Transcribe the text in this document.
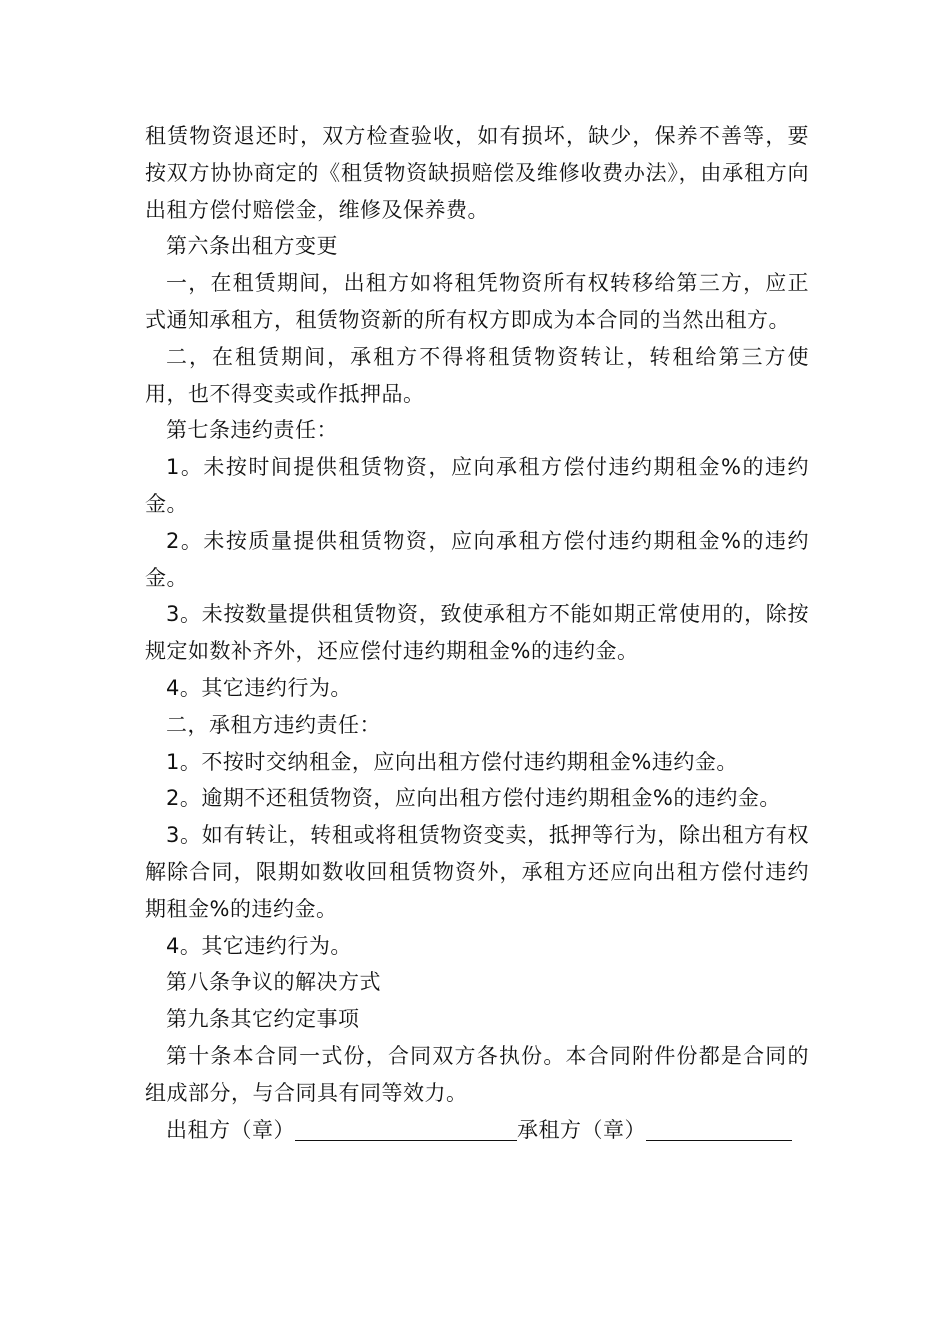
租赁物资退还时，双方检查验收，如有损坏，缺少，保养不善等，要按双方协协商定的《租赁物资缺损赔偿及维修收费办法》，由承租方向出租方偿付赔偿金，维修及保养费。

第六条出租方变更

一，在租赁期间，出租方如将租凭物资所有权转移给第三方，应正式通知承租方，租赁物资新的所有权方即成为本合同的当然出租方。

二，在租赁期间，承租方不得将租赁物资转让，转租给第三方使用，也不得变卖或作抵押品。

第七条违约责任：

1。未按时间提供租赁物资，应向承租方偿付违约期租金%的违约金。

2。未按质量提供租赁物资，应向承租方偿付违约期租金%的违约金。

3。未按数量提供租赁物资，致使承租方不能如期正常使用的，除按规定如数补齐外，还应偿付违约期租金%的违约金。

4。其它违约行为。

二，承租方违约责任：

1。不按时交纳租金，应向出租方偿付违约期租金%违约金。

2。逾期不还租赁物资，应向出租方偿付违约期租金%的违约金。

3。如有转让，转租或将租赁物资变卖，抵押等行为，除出租方有权解除合同，限期如数收回租赁物资外，承租方还应向出租方偿付违约期租金%的违约金。

4。其它违约行为。

第八条争议的解决方式

第九条其它约定事项

第十条本合同一式份，合同双方各执份。本合同附件份都是合同的组成部分，与合同具有同等效力。

出租方（章）	承租方（章）
